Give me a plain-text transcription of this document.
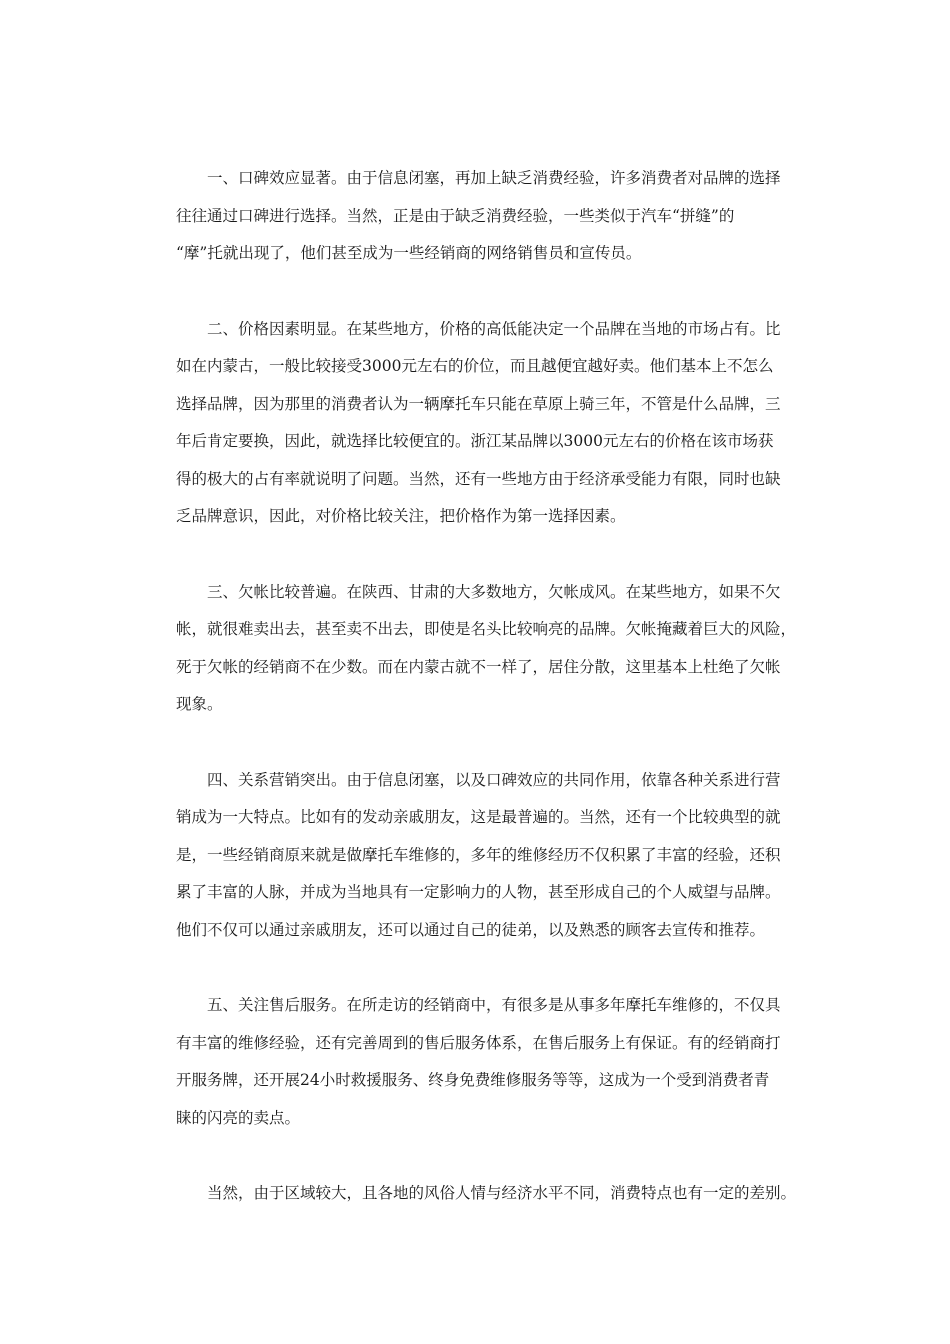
一、口碑效应显著。由于信息闭塞，再加上缺乏消费经验，许多消费者对品牌的选择
往往通过口碑进行选择。当然，正是由于缺乏消费经验，一些类似于汽车“拼缝”的
“摩”托就出现了，他们甚至成为一些经销商的网络销售员和宣传员。

二、价格因素明显。在某些地方，价格的高低能决定一个品牌在当地的市场占有。比
如在内蒙古，一般比较接受3000元左右的价位，而且越便宜越好卖。他们基本上不怎么
选择品牌，因为那里的消费者认为一辆摩托车只能在草原上骑三年，不管是什么品牌，三
年后肯定要换，因此，就选择比较便宜的。浙江某品牌以3000元左右的价格在该市场获
得的极大的占有率就说明了问题。当然，还有一些地方由于经济承受能力有限，同时也缺
乏品牌意识，因此，对价格比较关注，把价格作为第一选择因素。

三、欠帐比较普遍。在陕西、甘肃的大多数地方，欠帐成风。在某些地方，如果不欠
帐，就很难卖出去，甚至卖不出去，即使是名头比较响亮的品牌。欠帐掩藏着巨大的风险，
死于欠帐的经销商不在少数。而在内蒙古就不一样了，居住分散，这里基本上杜绝了欠帐
现象。

四、关系营销突出。由于信息闭塞，以及口碑效应的共同作用，依靠各种关系进行营
销成为一大特点。比如有的发动亲戚朋友，这是最普遍的。当然，还有一个比较典型的就
是，一些经销商原来就是做摩托车维修的，多年的维修经历不仅积累了丰富的经验，还积
累了丰富的人脉，并成为当地具有一定影响力的人物，甚至形成自己的个人威望与品牌。
他们不仅可以通过亲戚朋友，还可以通过自己的徒弟，以及熟悉的顾客去宣传和推荐。

五、关注售后服务。在所走访的经销商中，有很多是从事多年摩托车维修的，不仅具
有丰富的维修经验，还有完善周到的售后服务体系，在售后服务上有保证。有的经销商打
开服务牌，还开展24小时救援服务、终身免费维修服务等等，这成为一个受到消费者青
睐的闪亮的卖点。

当然，由于区域较大，且各地的风俗人情与经济水平不同，消费特点也有一定的差别。
